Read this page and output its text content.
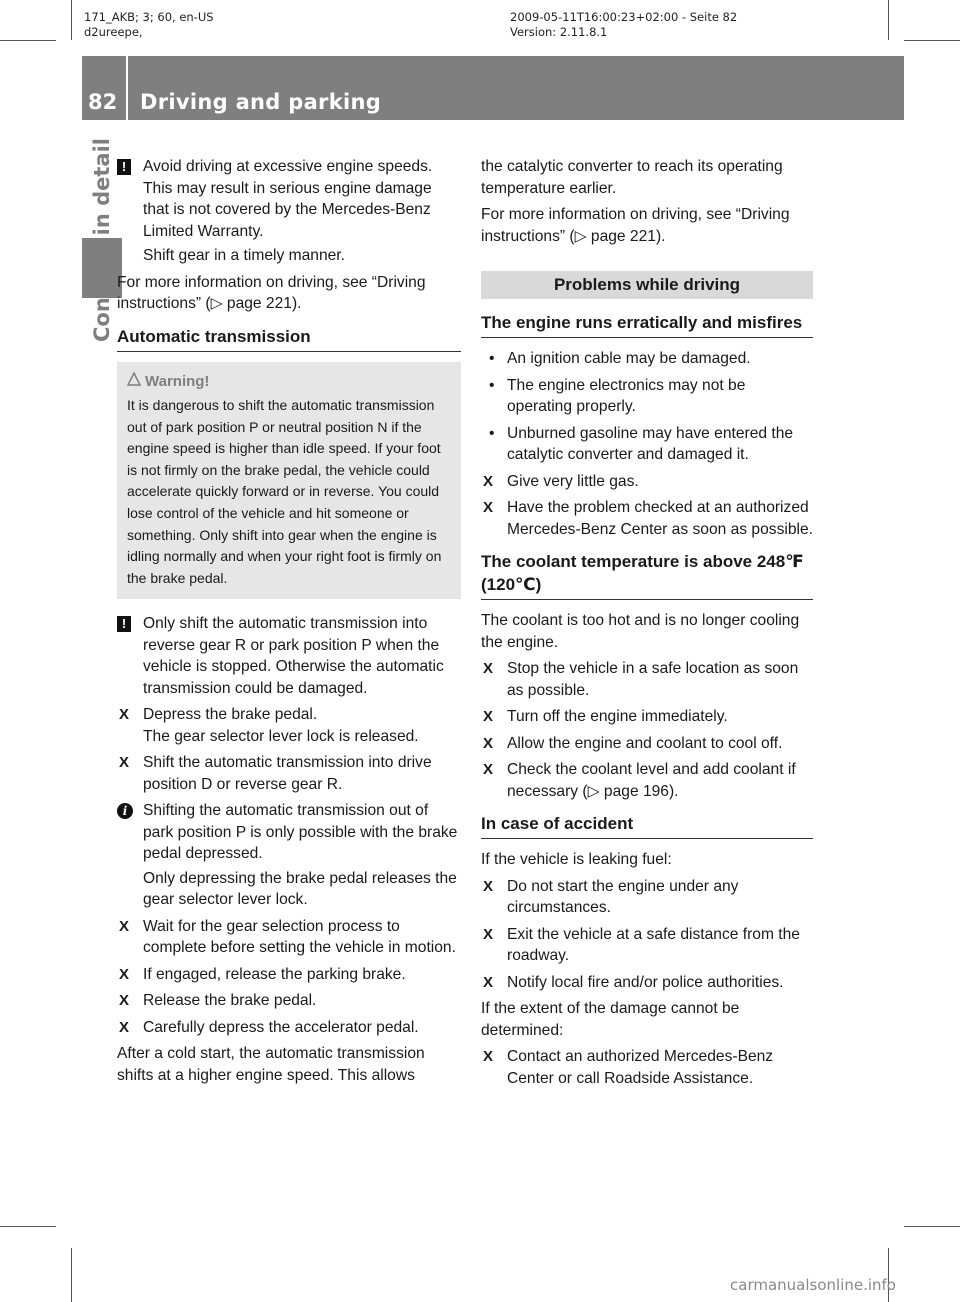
171_AKB; 3; 60, en-US
d2ureepe,
2009-05-11T16:00:23+02:00 - Seite 82
Version: 2.11.8.1
82 Driving and parking
!	Avoid driving at excessive engine speeds. This may result in serious engine damage that is not covered by the Mercedes-Benz Limited Warranty.

Shift gear in a timely manner.

For more information on driving, see “Driving instructions” (▷ page 221).

Automatic transmission
Warning!
It is dangerous to shift the automatic transmission out of park position P or neutral position N if the engine speed is higher than idle speed. If your foot is not firmly on the brake pedal, the vehicle could accelerate quickly forward or in reverse. You could lose control of the vehicle and hit someone or something. Only shift into gear when the engine is idling normally and when your right foot is firmly on the brake pedal.
!	Only shift the automatic transmission into reverse gear R or park position P when the vehicle is stopped. Otherwise the automatic transmission could be damaged.

X Depress the brake pedal.
The gear selector lever lock is released.
X Shift the automatic transmission into drive position D or reverse gear R.
i	Shifting the automatic transmission out of park position P is only possible with the brake pedal depressed.

Only depressing the brake pedal releases the gear selector lever lock.

X Wait for the gear selection process to complete before setting the vehicle in motion.
X If engaged, release the parking brake.
X Release the brake pedal.
X Carefully depress the accelerator pedal.

After a cold start, the automatic transmission shifts at a higher engine speed. This allows

the catalytic converter to reach its operating temperature earlier.

For more information on driving, see “Driving instructions” (▷ page 221).

Problems while driving
The engine runs erratically and misfires
• An ignition cable may be damaged.
• The engine electronics may not be operating properly.
• Unburned gasoline may have entered the catalytic converter and damaged it.
X Give very little gas.
X Have the problem checked at an authorized Mercedes-Benz Center as soon as possible.
The coolant temperature is above 248℉ (120℃)

The coolant is too hot and is no longer cooling the engine.

X Stop the vehicle in a safe location as soon as possible.
X Turn off the engine immediately.
X Allow the engine and coolant to cool off.
X Check the coolant level and add coolant if necessary (▷ page 196).
In case of accident

If the vehicle is leaking fuel:

X Do not start the engine under any circumstances.
X Exit the vehicle at a safe distance from the roadway.
X Notify local fire and/or police authorities.

If the extent of the damage cannot be determined:

X Contact an authorized Mercedes-Benz Center or call Roadside Assistance.
carmanualsonline.info
